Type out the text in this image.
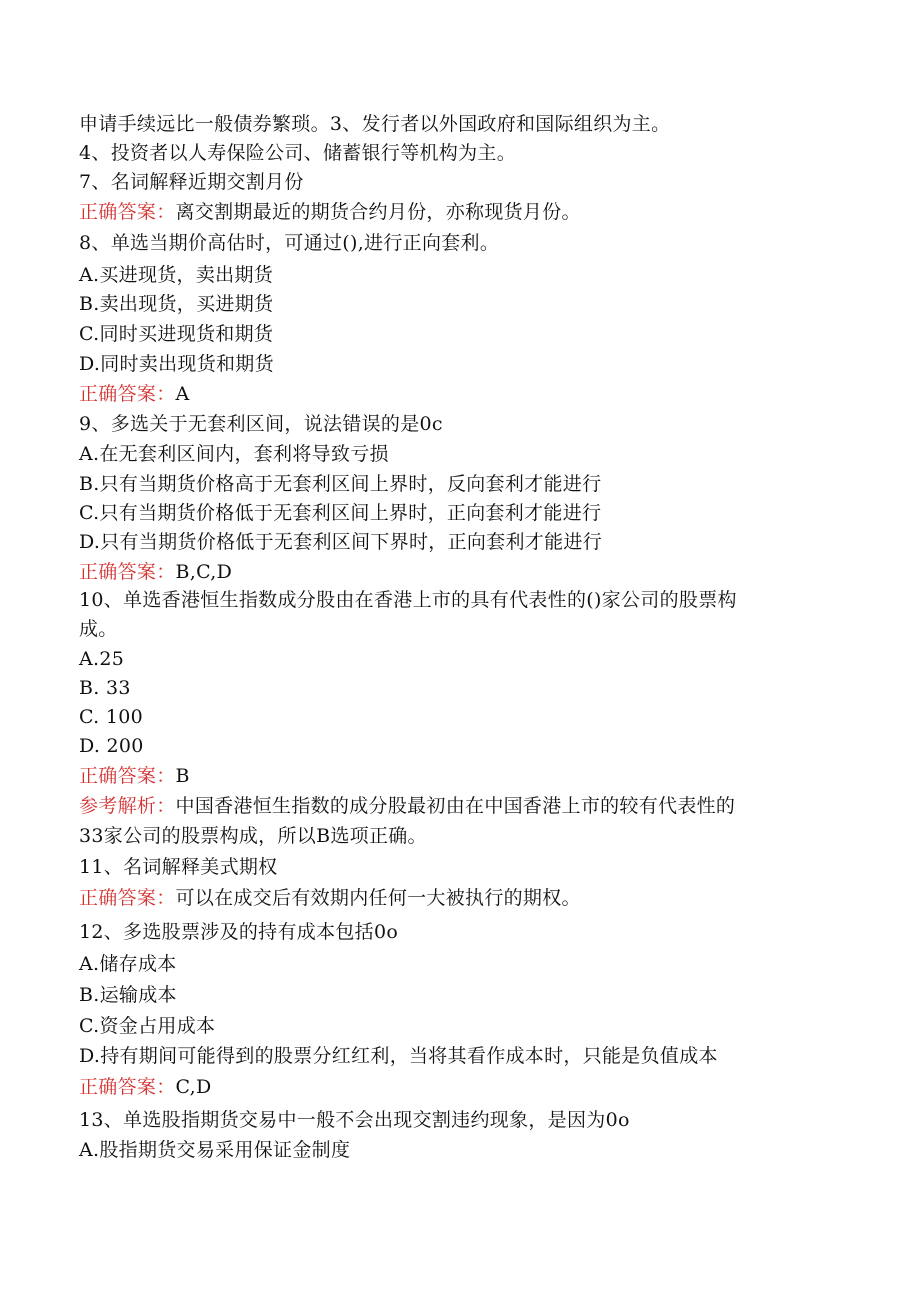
申请手续远比一般债券繁琐。3、发行者以外国政府和国际组织为主。
4、投资者以人寿保险公司、储蓄银行等机构为主。
7、名词解释近期交割月份
正确答案：离交割期最近的期货合约月份，亦称现货月份。
8、单选当期价高估时，可通过(),进行正向套利。
A.买进现货，卖出期货
B.卖出现货，买进期货
C.同时买进现货和期货
D.同时卖出现货和期货
正确答案：A
9、多选关于无套利区间，说法错误的是0c
A.在无套利区间内，套利将导致亏损
B.只有当期货价格高于无套利区间上界时，反向套利才能进行
C.只有当期货价格低于无套利区间上界时，正向套利才能进行
D.只有当期货价格低于无套利区间下界时，正向套利才能进行
正确答案：B,C,D
10、单选香港恒生指数成分股由在香港上市的具有代表性的()家公司的股票构
成。
A.25
B. 33
C. 100
D. 200
正确答案：B
参考解析：中国香港恒生指数的成分股最初由在中国香港上市的较有代表性的
33家公司的股票构成，所以B选项正确。
11、名词解释美式期权
正确答案：可以在成交后有效期内任何一大被执行的期权。
12、多选股票涉及的持有成本包括0o
A.储存成本
B.运输成本
C.资金占用成本
D.持有期间可能得到的股票分红红利，当将其看作成本时，只能是负值成本
正确答案：C,D
13、单选股指期货交易中一般不会出现交割违约现象，是因为0o
A.股指期货交易采用保证金制度
